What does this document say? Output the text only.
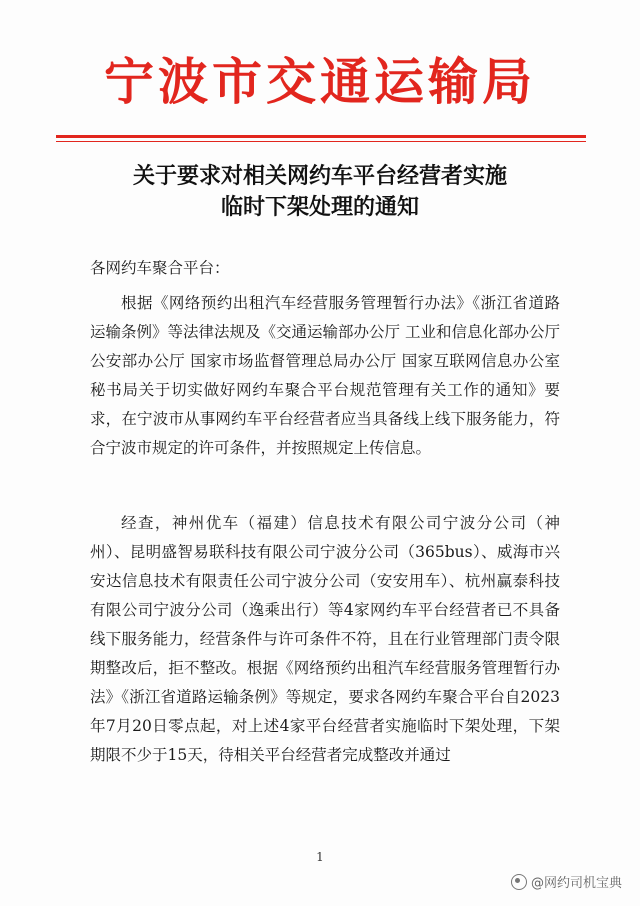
宁波市交通运输局
关于要求对相关网约车平台经营者实施
临时下架处理的通知
各网约车聚合平台：

根据《网络预约出租汽车经营服务管理暂行办法》《浙江省道路运输条例》等法律法规及《交通运输部办公厅 工业和信息化部办公厅 公安部办公厅 国家市场监督管理总局办公厅 国家互联网信息办公室秘书局关于切实做好网约车聚合平台规范管理有关工作的通知》要求，在宁波市从事网约车平台经营者应当具备线上线下服务能力，符合宁波市规定的许可条件，并按照规定上传信息。

经查，神州优车（福建）信息技术有限公司宁波分公司（神州）、昆明盛智易联科技有限公司宁波分公司（365bus）、威海市兴安达信息技术有限责任公司宁波分公司（安安用车）、杭州赢泰科技有限公司宁波分公司（逸乘出行）等4家网约车平台经营者已不具备线下服务能力，经营条件与许可条件不符，且在行业管理部门责令限期整改后，拒不整改。根据《网络预约出租汽车经营服务管理暂行办法》《浙江省道路运输条例》等规定，要求各网约车聚合平台自2023年7月20日零点起，对上述4家平台经营者实施临时下架处理，下架期限不少于15天，待相关平台经营者完成整改并通过

1
@网约司机宝典
